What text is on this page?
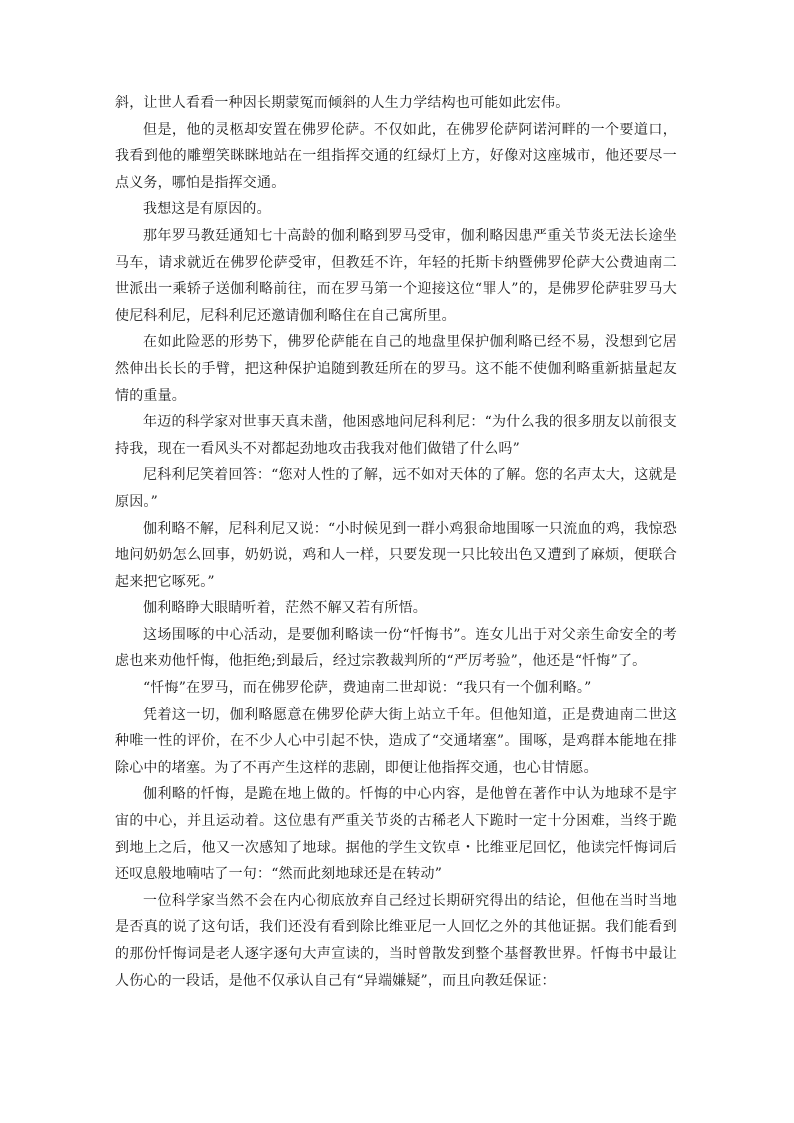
斜，让世人看看一种因长期蒙冤而倾斜的人生力学结构也可能如此宏伟。

但是，他的灵柩却安置在佛罗伦萨。不仅如此，在佛罗伦萨阿诺河畔的一个要道口，我看到他的雕塑笑眯眯地站在一组指挥交通的红绿灯上方，好像对这座城市，他还要尽一点义务，哪怕是指挥交通。

我想这是有原因的。

那年罗马教廷通知七十高龄的伽利略到罗马受审，伽利略因患严重关节炎无法长途坐马车，请求就近在佛罗伦萨受审，但教廷不许，年轻的托斯卡纳暨佛罗伦萨大公费迪南二世派出一乘轿子送伽利略前往，而在罗马第一个迎接这位“罪人”的，是佛罗伦萨驻罗马大使尼科利尼，尼科利尼还邀请伽利略住在自己寓所里。

在如此险恶的形势下，佛罗伦萨能在自己的地盘里保护伽利略已经不易，没想到它居然伸出长长的手臂，把这种保护追随到教廷所在的罗马。这不能不使伽利略重新掂量起友情的重量。

年迈的科学家对世事天真未凿，他困惑地问尼科利尼：“为什么我的很多朋友以前很支持我，现在一看风头不对都起劲地攻击我我对他们做错了什么吗”

尼科利尼笑着回答：“您对人性的了解，远不如对天体的了解。您的名声太大，这就是原因。”

伽利略不解，尼科利尼又说：“小时候见到一群小鸡狠命地围啄一只流血的鸡，我惊恐地问奶奶怎么回事，奶奶说，鸡和人一样，只要发现一只比较出色又遭到了麻烦，便联合起来把它啄死。”

伽利略睁大眼睛听着，茫然不解又若有所悟。

这场围啄的中心活动，是要伽利略读一份“忏悔书”。连女儿出于对父亲生命安全的考虑也来劝他忏悔，他拒绝;到最后，经过宗教裁判所的“严厉考验”，他还是“忏悔”了。

“忏悔”在罗马，而在佛罗伦萨，费迪南二世却说：“我只有一个伽利略。”

凭着这一切，伽利略愿意在佛罗伦萨大街上站立千年。但他知道，正是费迪南二世这种唯一性的评价，在不少人心中引起不快，造成了“交通堵塞”。围啄，是鸡群本能地在排除心中的堵塞。为了不再产生这样的悲剧，即便让他指挥交通，也心甘情愿。

伽利略的忏悔，是跪在地上做的。忏悔的中心内容，是他曾在著作中认为地球不是宇宙的中心，并且运动着。这位患有严重关节炎的古稀老人下跪时一定十分困难，当终于跪到地上之后，他又一次感知了地球。据他的学生文钦卓・比维亚尼回忆，他读完忏悔词后还叹息般地喃咕了一句：“然而此刻地球还是在转动”

一位科学家当然不会在内心彻底放弃自己经过长期研究得出的结论，但他在当时当地是否真的说了这句话，我们还没有看到除比维亚尼一人回忆之外的其他证据。我们能看到的那份忏悔词是老人逐字逐句大声宣读的，当时曾散发到整个基督教世界。忏悔书中最让人伤心的一段话，是他不仅承认自己有“异端嫌疑”，而且向教廷保证：
